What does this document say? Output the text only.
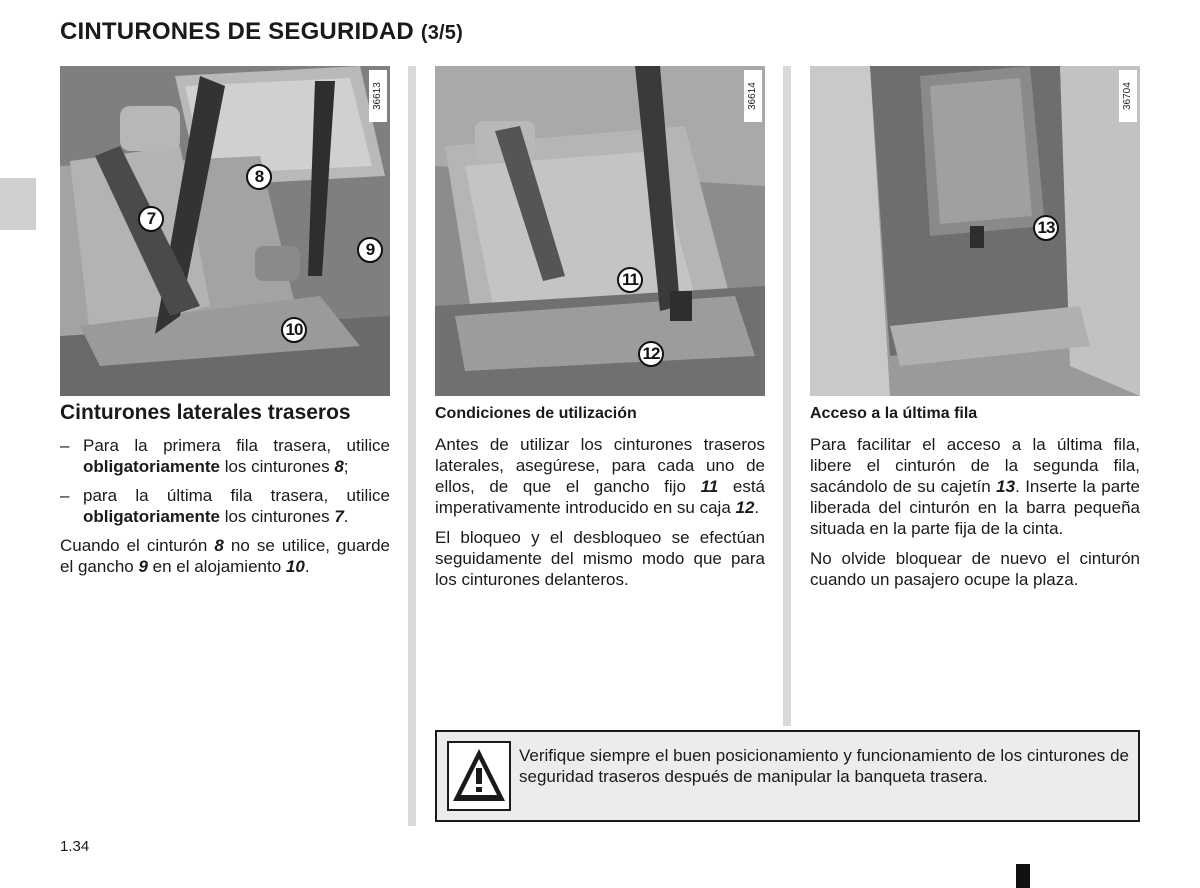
CINTURONES DE SEGURIDAD (3/5)
36613
7
8
9
10
36614
11
12
36704
13
Cinturones laterales traseros

– Para la primera fila trasera, utilice obligatoriamente los cinturones 8;

– para la última fila trasera, utilice obligatoriamente los cinturones 7.

Cuando el cinturón 8 no se utilice, guarde el gancho 9 en el alojamiento 10.

Condiciones de utilización

Antes de utilizar los cinturones traseros laterales, asegúrese, para cada uno de ellos, de que el gancho fijo 11 está imperativamente introducido en su caja 12.

El bloqueo y el desbloqueo se efectúan seguidamente del mismo modo que para los cinturones delanteros.

Acceso a la última fila

Para facilitar el acceso a la última fila, libere el cinturón de la segunda fila, sacándolo de su cajetín 13. Inserte la parte liberada del cinturón en la barra pequeña situada en la parte fija de la cinta.

No olvide bloquear de nuevo el cinturón cuando un pasajero ocupe la plaza.

Verifique siempre el buen posicionamiento y funcionamiento de los cinturones de seguridad traseros después de manipular la banqueta trasera.

1.34
